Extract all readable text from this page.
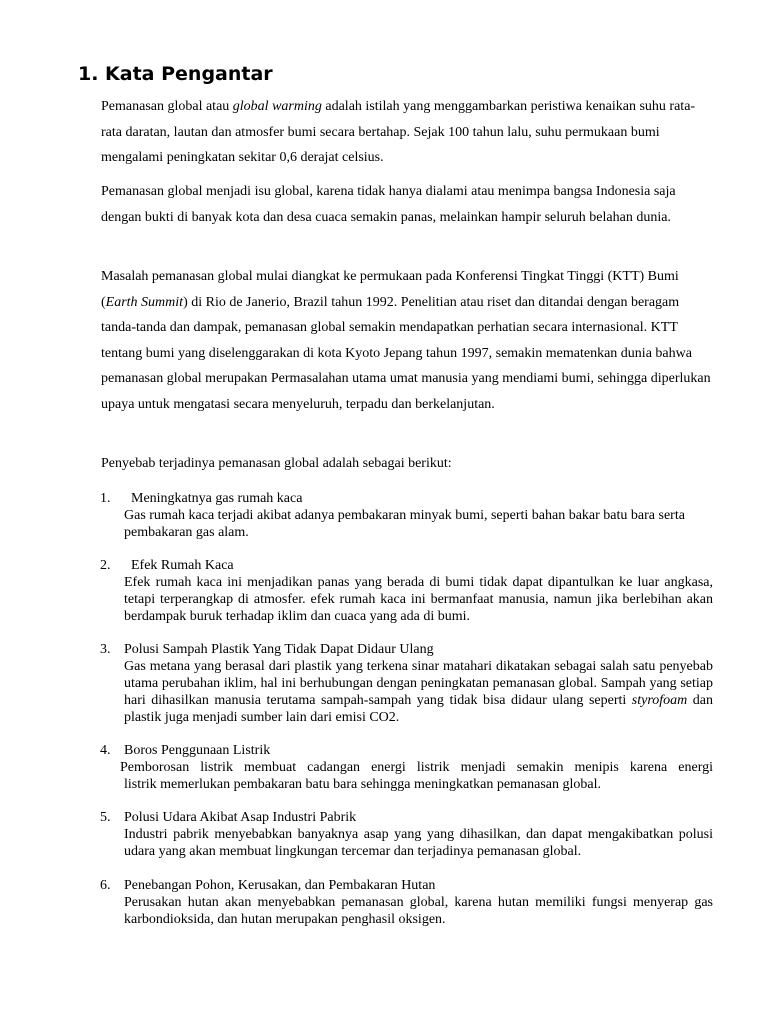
1. Kata Pengantar

Pemanasan global atau global warming adalah istilah yang menggambarkan peristiwa kenaikan suhu rata-rata daratan, lautan dan atmosfer bumi secara bertahap. Sejak 100 tahun lalu, suhu permukaan bumi mengalami peningkatan sekitar 0,6 derajat celsius.

Pemanasan global menjadi isu global, karena tidak hanya dialami atau menimpa bangsa Indonesia saja dengan bukti di banyak kota dan desa cuaca semakin panas, melainkan hampir seluruh belahan dunia.

Masalah pemanasan global mulai diangkat ke permukaan pada Konferensi Tingkat Tinggi (KTT) Bumi (Earth Summit) di Rio de Janerio, Brazil tahun 1992. Penelitian atau riset dan ditandai dengan beragam tanda-tanda dan dampak, pemanasan global semakin mendapatkan perhatian secara internasional. KTT tentang bumi yang diselenggarakan di kota Kyoto Jepang tahun 1997, semakin mematenkan dunia bahwa pemanasan global merupakan Permasalahan utama umat manusia yang mendiami bumi, sehingga diperlukan upaya untuk mengatasi secara menyeluruh, terpadu dan berkelanjutan.

Penyebab terjadinya pemanasan global adalah sebagai berikut:

1. Meningkatnya gas rumah kaca
Gas rumah kaca terjadi akibat adanya pembakaran minyak bumi, seperti bahan bakar batu bara serta pembakaran gas alam.
2. Efek Rumah Kaca
Efek rumah kaca ini menjadikan panas yang berada di bumi tidak dapat dipantulkan ke luar angkasa, tetapi terperangkap di atmosfer. efek rumah kaca ini bermanfaat manusia, namun jika berlebihan akan berdampak buruk terhadap iklim dan cuaca yang ada di bumi.
3. Polusi Sampah Plastik Yang Tidak Dapat Didaur Ulang
Gas metana yang berasal dari plastik yang terkena sinar matahari dikatakan sebagai salah satu penyebab utama perubahan iklim, hal ini berhubungan dengan peningkatan pemanasan global. Sampah yang setiap hari dihasilkan manusia terutama sampah-sampah yang tidak bisa didaur ulang seperti styrofoam dan plastik juga menjadi sumber lain dari emisi CO2.
4. Boros Penggunaan Listrik
Pemborosan listrik membuat cadangan energi listrik menjadi semakin menipis karena energi
listrik memerlukan pembakaran batu bara sehingga meningkatkan pemanasan global.
5. Polusi Udara Akibat Asap Industri Pabrik
Industri pabrik menyebabkan banyaknya asap yang yang dihasilkan, dan dapat mengakibatkan polusi udara yang akan membuat lingkungan tercemar dan terjadinya pemanasan global.
6. Penebangan Pohon, Kerusakan, dan Pembakaran Hutan
Perusakan hutan akan menyebabkan pemanasan global, karena hutan memiliki fungsi menyerap gas karbondioksida, dan hutan merupakan penghasil oksigen.
